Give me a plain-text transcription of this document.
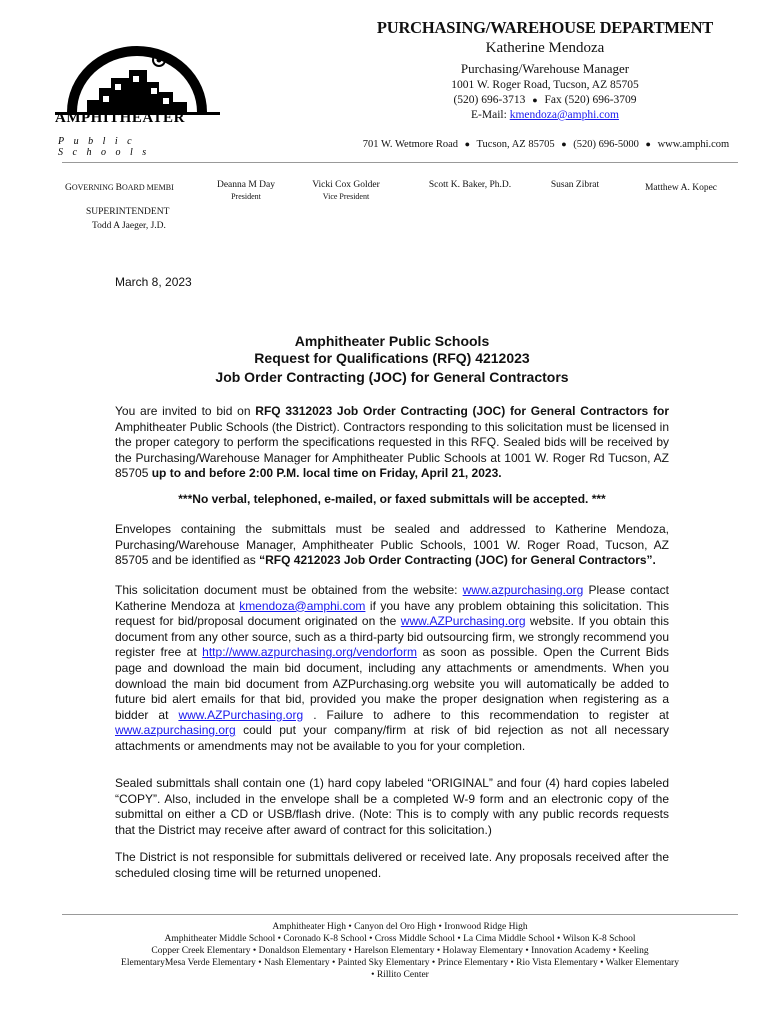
AMPHITHEATER
Public Schools
PURCHASING/WAREHOUSE DEPARTMENT
Katherine Mendoza
Purchasing/Warehouse Manager
1001 W. Roger Road, Tucson, AZ 85705
(520) 696-3713 ● Fax (520) 696-3709
E-Mail: kmendoza@amphi.com
701 W. Wetmore Road ● Tucson, AZ 85705 ● (520) 696-5000 ● www.amphi.com
GOVERNING BOARD MEMBI	Deanna M Day
President
Vicki Cox Golder
Vice President
Scott K. Baker, Ph.D.	Susan Zibrat	Matthew A. Kopec
SUPERINTENDENT
Todd A Jaeger, J.D.
March 8, 2023
Amphitheater Public Schools
Request for Qualifications (RFQ) 4212023
Job Order Contracting (JOC) for General Contractors
You are invited to bid on RFQ 3312023 Job Order Contracting (JOC) for General Contractors for Amphitheater Public Schools (the District). Contractors responding to this solicitation must be licensed in the proper category to perform the specifications requested in this RFQ. Sealed bids will be received by the Purchasing/Warehouse Manager for Amphitheater Public Schools at 1001 W. Roger Rd Tucson, AZ 85705 up to and before 2:00 P.M. local time on Friday, April 21, 2023.
***No verbal, telephoned, e-mailed, or faxed submittals will be accepted. ***
Envelopes containing the submittals must be sealed and addressed to Katherine Mendoza, Purchasing/Warehouse Manager, Amphitheater Public Schools, 1001 W. Roger Road, Tucson, AZ 85705 and be identified as “RFQ 4212023 Job Order Contracting (JOC) for General Contractors”.
This solicitation document must be obtained from the website: www.azpurchasing.org Please contact Katherine Mendoza at kmendoza@amphi.com if you have any problem obtaining this solicitation. This request for bid/proposal document originated on the www.AZPurchasing.org website. If you obtain this document from any other source, such as a third-party bid outsourcing firm, we strongly recommend you register free at http://www.azpurchasing.org/vendorform as soon as possible. Open the Current Bids page and download the main bid document, including any attachments or amendments. When you download the main bid document from AZPurchasing.org website you will automatically be added to future bid alert emails for that bid, provided you make the proper designation when registering as a bidder at www.AZPurchasing.org . Failure to adhere to this recommendation to register at www.azpurchasing.org could put your company/firm at risk of bid rejection as not all necessary attachments or amendments may not be available to you for your completion.
Sealed submittals shall contain one (1) hard copy labeled “ORIGINAL” and four (4) hard copies labeled “COPY”. Also, included in the envelope shall be a completed W-9 form and an electronic copy of the submittal on either a CD or USB/flash drive. (Note: This is to comply with any public records requests that the District may receive after award of contract for this solicitation.)
The District is not responsible for submittals delivered or received late. Any proposals received after the scheduled closing time will be returned unopened.
Amphitheater High • Canyon del Oro High • Ironwood Ridge High
Amphitheater Middle School • Coronado K-8 School • Cross Middle School • La Cima Middle School • Wilson K-8 School
Copper Creek Elementary • Donaldson Elementary • Harelson Elementary • Holaway Elementary • Innovation Academy • Keeling
ElementaryMesa Verde Elementary • Nash Elementary • Painted Sky Elementary • Prince Elementary • Rio Vista Elementary • Walker Elementary
• Rillito Center
